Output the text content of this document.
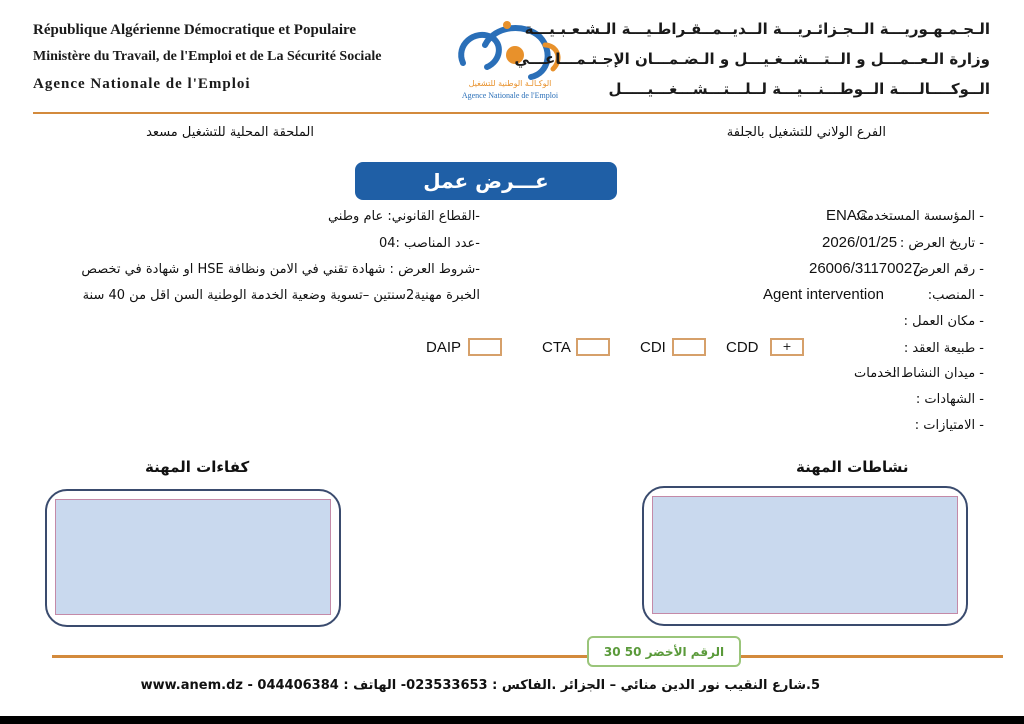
République Algérienne Démocratique et Populaire
Ministère du Travail, de l'Emploi et de La Sécurité Sociale
Agence Nationale de l'Emploi	الوكـالـة الوطنية للتشغيل
Agence Nationale de l'Emploi
الـجـمـهـوريـــة الــجـزائـريـــة الــديــمــقـراطـيـــة الـشـعـبـيـــة
وزارة الـعــمـــل و الــتـــشــغـيـــل و الـضـمـــان الإجـتـمـــاعـــي
الــوكــــالــــة الــوطـــنـــيـــة لــلـــتـــشـــغـــيـــــل
الفرع الولاني للتشغيل بالجلفة
الملحقة المحلية للتشغيل مسعد
عـــرض عمل
- المؤسسة المستخدمة:
ENAC
- تاريخ العرض :
2026/01/25
- رقم العرض
26006/31170027
- المنصب:
Agent intervention
- مكان العمل :
- طبيعة العقد :
CDD	+
CDI
CTA
DAIP
- ميدان النشاط :
الخدمات
- الشهادات :
- الامتيازات :
-القطاع القانوني: عام وطني
-عدد المناصب :04
-شروط العرض : شهادة تقني في الامن ونظافة HSE او شهادة في تخصص
الخبرة مهنية2سنتين –تسوية وضعية الخدمة الوطنية السن اقل من 40 سنة
نشاطات المهنة
كفاءات المهنة
الرقم الأخضر 50 30
5.شارع النقيب نور الدين منائي – الجزائر .الفاكس : 023533653- الهاتف : 044406384 - www.anem.dz
